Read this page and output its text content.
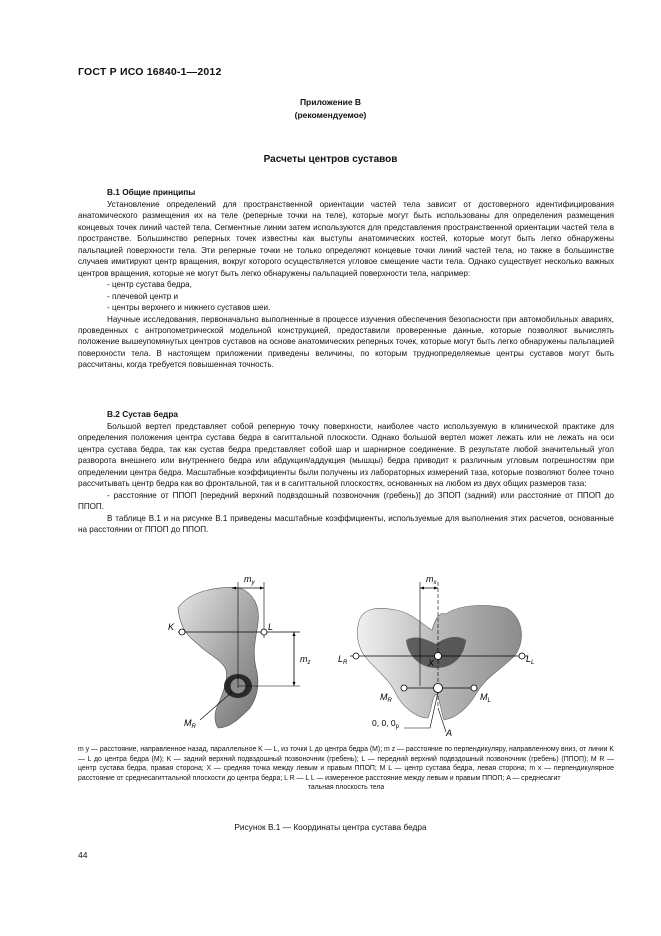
ГОСТ Р ИСО 16840-1—2012
Приложение В
(рекомендуемое)
Расчеты центров суставов
В.1 Общие принципы

Установление определений для пространственной ориентации частей тела зависит от достоверного идентифицирования анатомического размещения их на теле (реперные точки на теле), которые могут быть использованы для определения размещения концевых точек линий частей тела. Сегментные линии затем используются для представления пространственной ориентации частей тела в пространстве. Большинство реперных точек известны как выступы анатомических костей, которые могут быть легко обнаружены пальпацией поверхности тела. Эти реперные точки не только определяют концевые точки линий частей тела, но также в большинстве случаев имитируют центр вращения, вокруг которого осуществляется угловое смещение части тела. Однако существует несколько важных центров вращения, которые не могут быть легко обнаружены пальпацией поверхности тела, например:

- центр сустава бедра,

- плечевой центр и

- центры верхнего и нижнего суставов шеи.

Научные исследования, первоначально выполненные в процессе изучения обеспечения безопасности при автомобильных авариях, проведенных с антропометрической модельной конструкцией, предоставили проверенные данные, которые позволяют вычислять положение вышеупомянутых центров суставов на основе анатомических реперных точек, которые могут быть легко обнаружены пальпацией поверхности тела. В настоящем приложении приведены величины, по которым труднопределяемые центры суставов могут быть рассчитаны, когда требуется повышенная точность.

В.2 Сустав бедра

Большой вертел представляет собой реперную точку поверхности, наиболее часто используемую в клинической практике для определения положения центра сустава бедра в сагиттальной плоскости. Однако большой вертел может лежать или не лежать на оси центра сустава бедра, так как сустав бедра представляет собой шар и шарнирное соединение. В результате любой значительный угол разворота внешнего или внутреннего бедра или абдукция/аддукция (мышцы) бедра приводит к различным угловым погрешностям при определении центра бедра. Масштабные коэффициенты были получены из лабораторных измерений таза, которые позволяют более точно рассчитывать центр бедра как во фронтальной, так и в сагиттальной плоскостях, основанных на любом из двух общих размеров таза:

- расстояние от ППОП [передний верхний подвздошный позвоночник (гребень)] до ЗПОП (задний) или расстояние от ППОП до ППОП.

В таблице В.1 и на рисунке В.1 приведены масштабные коэффициенты, используемые для выполнения этих расчетов, основанные на расстоянии от ППОП до ППОП.

$m_y$
$m_z$
K	L
$M_R$
$m_x$
$L_R$	$L_L$
X
$M_R$	$M_L$
0, 0, $0_p$
A
m y — расстояние, направленное назад, параллельное K — L, из точки L до центра бедра (M); m z — расстояние по перпендикуляру, направленному вниз, от линии K — L до центра бедра (M); K — задний верхний подвздошный позвоночник (гребень); L — передний верхний подвздошный позвоночник (гребень) (ППОП); M R — центр сустава бедра, правая сторона; X — средняя точка между левым и правым ППОП; M L — центр сустава бедра, левая сторона; m x — перпендикулярное расстояние от среднесагиттальной плоскости до центра бедра; L R — L L — измеренное расстояние между левым и правым ППОП; A — среднесагит
тальная плоскость тела
Рисунок В.1 — Координаты центра сустава бедра
44
